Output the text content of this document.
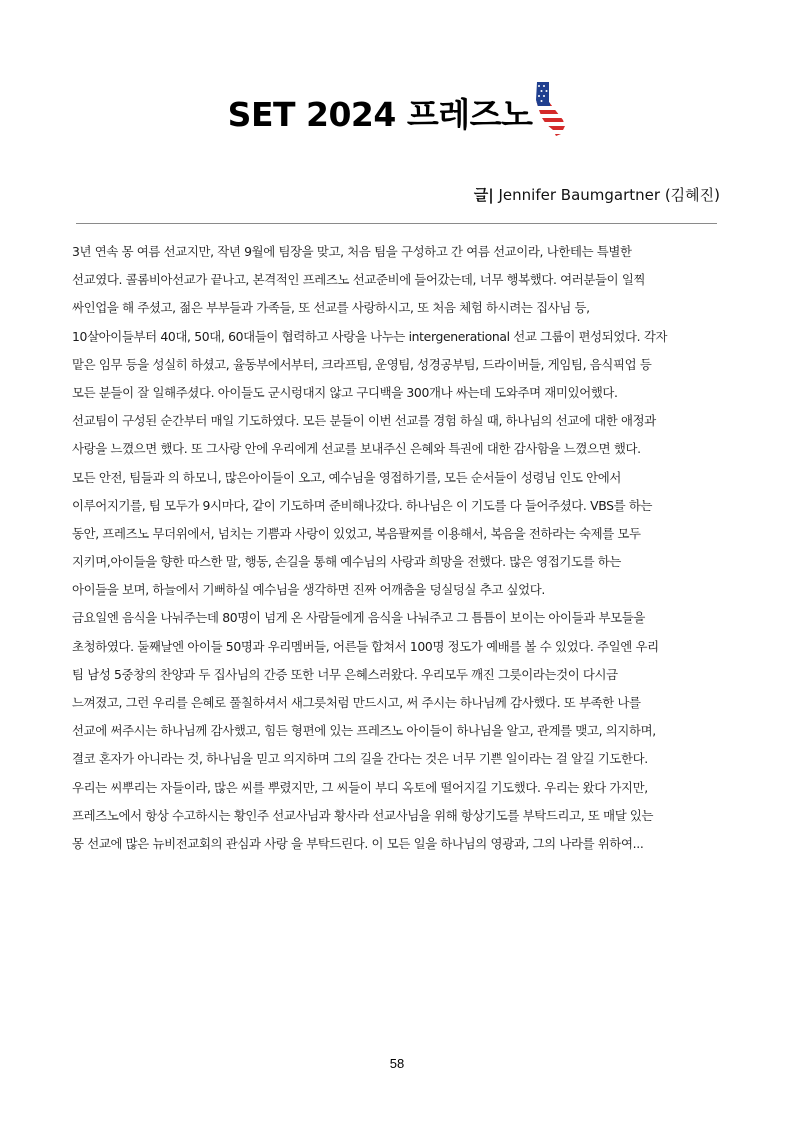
SET 2024 프레즈노
글| Jennifer Baumgartner (김혜진)
3년 연속 몽 여름 선교지만, 작년 9월에 팀장을 맞고, 처음 팀을 구성하고 간 여름 선교이라, 나한테는 특별한
선교였다. 콜롬비아선교가 끝나고, 본격적인 프레즈노 선교준비에 들어갔는데, 너무 행복했다. 여러분들이 일찍
싸인업을 해 주셨고, 젊은 부부들과 가족들, 또 선교를 사랑하시고, 또 처음 체험 하시려는 집사님 등,
10살아이들부터 40대, 50대, 60대들이 협력하고 사랑을 나누는 intergenerational 선교 그룹이 편성되었다. 각자
맡은 임무 등을 성실히 하셨고, 율동부에서부터, 크라프팀, 운영팀, 성경공부팀, 드라이버들, 게임팀, 음식픽업 등
모든 분들이 잘 일해주셨다. 아이들도 군시렁대지 않고 구디백을 300개나 싸는데 도와주며 재미있어했다.
선교팀이 구성된 순간부터 매일 기도하였다. 모든 분들이 이번 선교를 경험 하실 때, 하나님의 선교에 대한 애정과
사랑을 느꼈으면 했다. 또 그사랑 안에 우리에게 선교를 보내주신 은혜와 특권에 대한 감사함을 느꼈으면 했다.
모든 안전, 팀들과 의 하모니, 많은아이들이 오고, 예수님을 영접하기를, 모든 순서들이 성령님 인도 안에서
이루어지기를, 팀 모두가 9시마다, 같이 기도하며 준비해나갔다. 하나님은 이 기도를 다 들어주셨다. VBS를 하는
동안, 프레즈노 무더위에서, 넘치는 기쁨과 사랑이 있었고, 복음팔찌를 이용해서, 복음을 전하라는 숙제를 모두
지키며,아이들을 향한 따스한 말, 행동, 손길을 통해 예수님의 사랑과 희망을 전했다. 많은 영접기도를 하는
아이들을 보며, 하늘에서 기뻐하실 예수님을 생각하면 진짜 어깨춤을 덩실덩실 추고 싶었다.
금요일엔 음식을 나눠주는데 80명이 넘게 온 사람들에게 음식을 나눠주고 그 틈틈이 보이는 아이들과 부모들을
초청하였다. 둘째날엔 아이들 50명과 우리멤버들, 어른들 합쳐서 100명 정도가 예배를 볼 수 있었다. 주일엔 우리
팀 남성 5중창의 찬양과 두 집사님의 간증 또한 너무 은혜스러왔다. 우리모두 깨진 그릇이라는것이 다시금
느껴졌고, 그런 우리를 은혜로 풀칠하셔서 새그릇처럼 만드시고, 써 주시는 하나님께 감사했다. 또 부족한 나를
선교에 써주시는 하나님께 감사했고, 힘든 형편에 있는 프레즈노 아이들이 하나님을 알고, 관계를 맺고, 의지하며,
결코 혼자가 아니라는 것, 하나님을 믿고 의지하며 그의 길을 간다는 것은 너무 기쁜 일이라는 걸 알길 기도한다.
우리는 씨뿌리는 자들이라, 많은 씨를 뿌렸지만, 그 씨들이 부디 옥토에 떨어지길 기도했다. 우리는 왔다 가지만,
프레즈노에서 항상 수고하시는 황인주 선교사님과 황사라 선교사님을 위해 항상기도를 부탁드리고, 또 매달 있는
몽 선교에 많은 뉴비전교회의 관심과 사랑 을 부탁드린다. 이 모든 일을 하나님의 영광과, 그의 나라를 위하여...
58
